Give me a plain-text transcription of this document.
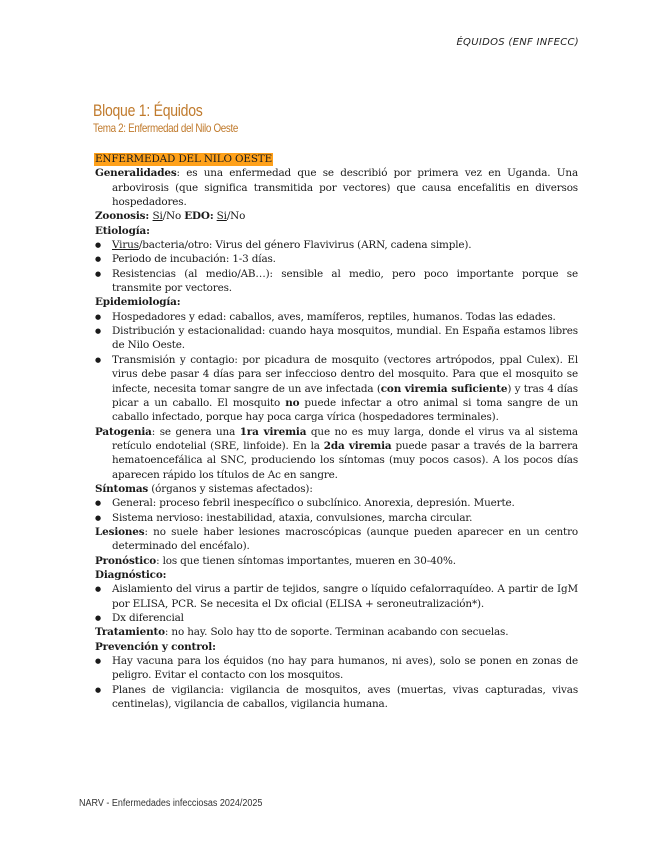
ÉQUIDOS (ENF INFECC)
Bloque 1: Équidos
Tema 2: Enfermedad del Nilo Oeste
ENFERMEDAD DEL NILO OESTE
Generalidades: es una enfermedad que se describió por primera vez en Uganda. Una arbovirosis (que significa transmitida por vectores) que causa encefalitis en diversos hospedadores.
Zoonosis: Si/No EDO: Si/No
Etiología:
● Virus/bacteria/otro: Virus del género Flavivirus (ARN, cadena simple).
● Periodo de incubación: 1-3 días.
● Resistencias (al medio/AB…): sensible al medio, pero poco importante porque se transmite por vectores.
Epidemiología:
● Hospedadores y edad: caballos, aves, mamíferos, reptiles, humanos. Todas las edades.
● Distribución y estacionalidad: cuando haya mosquitos, mundial. En España estamos libres de Nilo Oeste.
● Transmisión y contagio: por picadura de mosquito (vectores artrópodos, ppal Culex). El virus debe pasar 4 días para ser infeccioso dentro del mosquito. Para que el mosquito se infecte, necesita tomar sangre de un ave infectada (con viremia suficiente) y tras 4 días picar a un caballo. El mosquito no puede infectar a otro animal si toma sangre de un caballo infectado, porque hay poca carga vírica (hospedadores terminales).
Patogenia: se genera una 1ra viremia que no es muy larga, donde el virus va al sistema retículo endotelial (SRE, linfoide). En la 2da viremia puede pasar a través de la barrera hematoencefálica al SNC, produciendo los síntomas (muy pocos casos). A los pocos días aparecen rápido los títulos de Ac en sangre.
Síntomas (órganos y sistemas afectados):
● General: proceso febril inespecífico o subclínico. Anorexia, depresión. Muerte.
● Sistema nervioso: inestabilidad, ataxia, convulsiones, marcha circular.
Lesiones: no suele haber lesiones macroscópicas (aunque pueden aparecer en un centro determinado del encéfalo).
Pronóstico: los que tienen síntomas importantes, mueren en 30-40%.
Diagnóstico:
● Aislamiento del virus a partir de tejidos, sangre o líquido cefalorraquídeo. A partir de IgM por ELISA, PCR. Se necesita el Dx oficial (ELISA + seroneutralización*).
● Dx diferencial
Tratamiento: no hay. Solo hay tto de soporte. Terminan acabando con secuelas.
Prevención y control:
● Hay vacuna para los équidos (no hay para humanos, ni aves), solo se ponen en zonas de peligro. Evitar el contacto con los mosquitos.
● Planes de vigilancia: vigilancia de mosquitos, aves (muertas, vivas capturadas, vivas centinelas), vigilancia de caballos, vigilancia humana.
NARV - Enfermedades infecciosas 2024/2025
